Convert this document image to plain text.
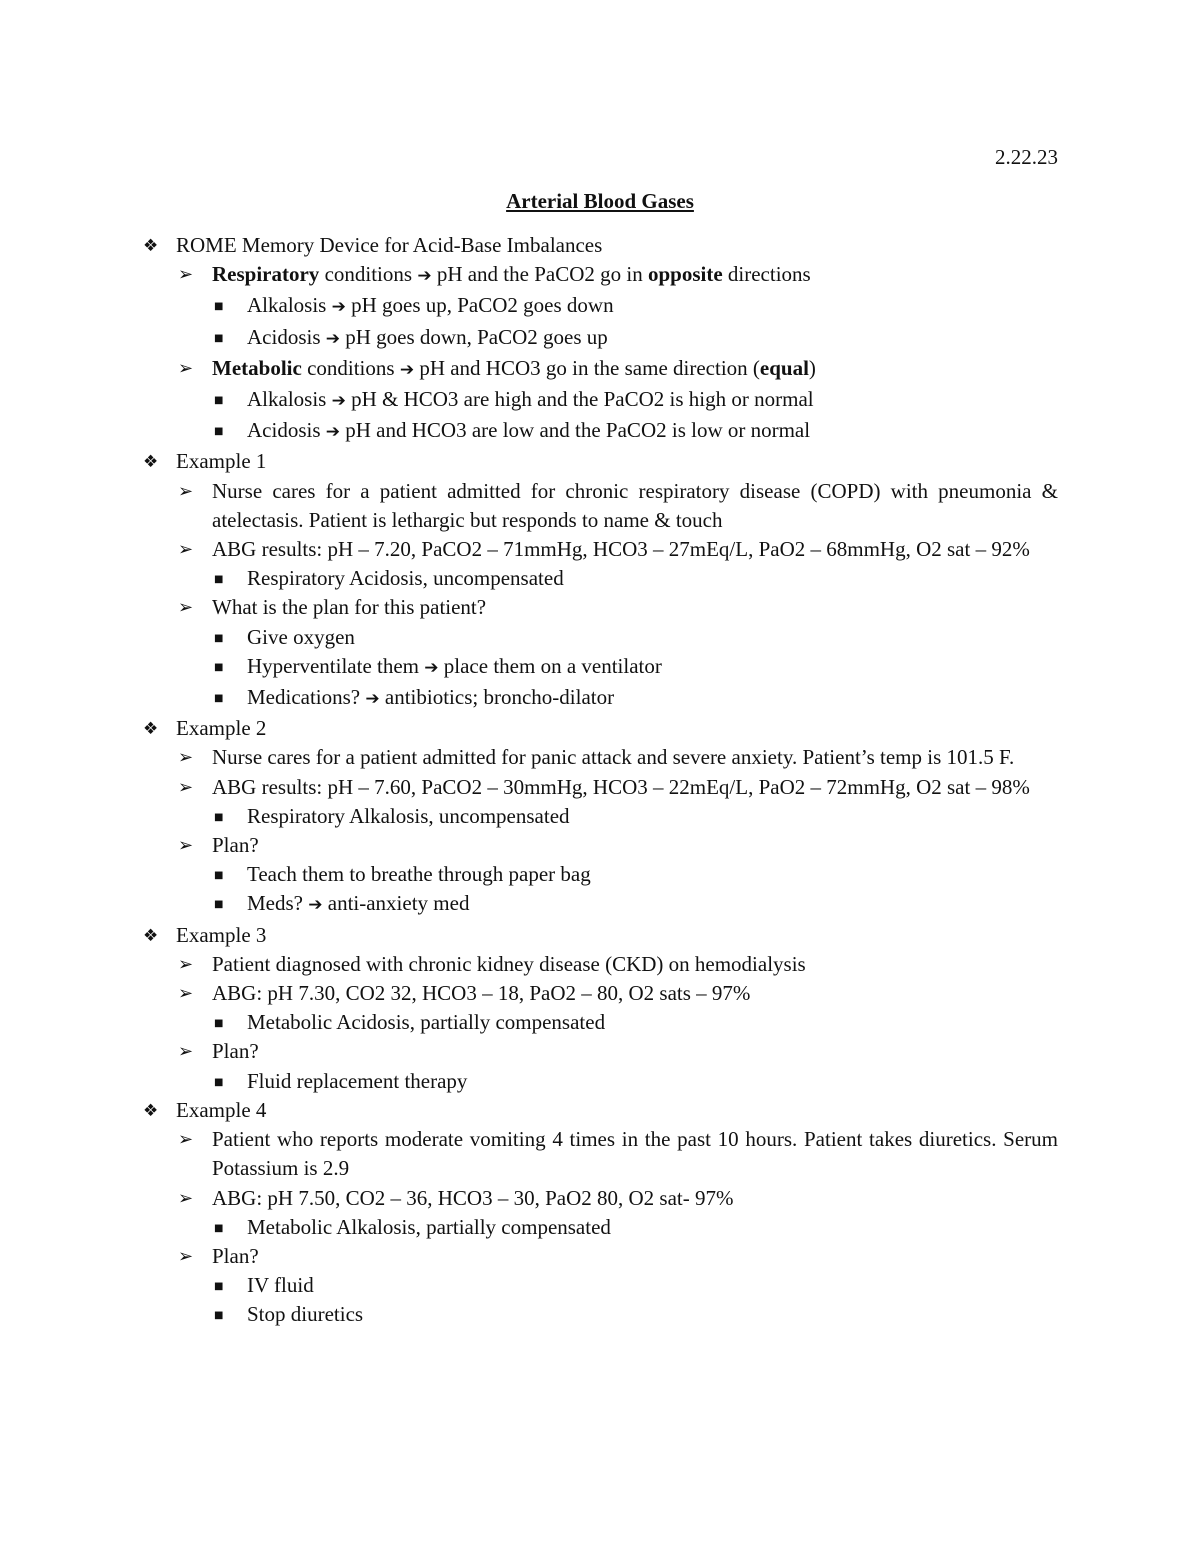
2.22.23
Arterial Blood Gases
❖ ROME Memory Device for Acid-Base Imbalances
➢ Respiratory conditions ➔ pH and the PaCO2 go in opposite directions
■ Alkalosis ➔ pH goes up, PaCO2 goes down
■ Acidosis ➔ pH goes down, PaCO2 goes up
➢ Metabolic conditions ➔ pH and HCO3 go in the same direction (equal)
■ Alkalosis ➔ pH & HCO3 are high and the PaCO2 is high or normal
■ Acidosis ➔ pH and HCO3 are low and the PaCO2 is low or normal
❖ Example 1
➢ Nurse cares for a patient admitted for chronic respiratory disease (COPD) with pneumonia & atelectasis. Patient is lethargic but responds to name & touch
➢ ABG results: pH – 7.20, PaCO2 – 71mmHg, HCO3 – 27mEq/L, PaO2 – 68mmHg, O2 sat – 92%
■ Respiratory Acidosis, uncompensated
➢ What is the plan for this patient?
■ Give oxygen
■ Hyperventilate them ➔ place them on a ventilator
■ Medications? ➔ antibiotics; broncho-dilator
❖ Example 2
➢ Nurse cares for a patient admitted for panic attack and severe anxiety. Patient’s temp is 101.5 F.
➢ ABG results: pH – 7.60, PaCO2 – 30mmHg, HCO3 – 22mEq/L, PaO2 – 72mmHg, O2 sat – 98%
■ Respiratory Alkalosis, uncompensated
➢ Plan?
■ Teach them to breathe through paper bag
■ Meds? ➔ anti-anxiety med
❖ Example 3
➢ Patient diagnosed with chronic kidney disease (CKD) on hemodialysis
➢ ABG: pH 7.30, CO2 32, HCO3 – 18, PaO2 – 80, O2 sats – 97%
■ Metabolic Acidosis, partially compensated
➢ Plan?
■ Fluid replacement therapy
❖ Example 4
➢ Patient who reports moderate vomiting 4 times in the past 10 hours. Patient takes diuretics. Serum Potassium is 2.9
➢ ABG: pH 7.50, CO2 – 36, HCO3 – 30, PaO2 80, O2 sat- 97%
■ Metabolic Alkalosis, partially compensated
➢ Plan?
■ IV fluid
■ Stop diuretics
